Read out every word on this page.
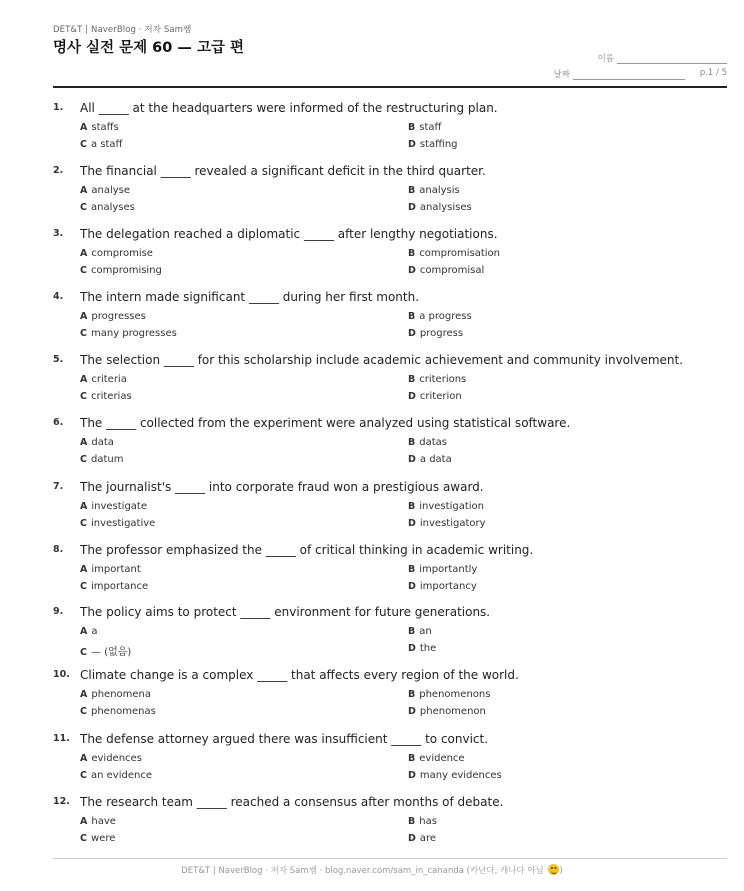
DET&T | NaverBlog · 저자 Sam쌤
명사 실전 문제 60 — 고급 편
이름
날짜	p.1 / 5
1. All _____ at the headquarters were informed of the restructuring plan.
A staffs	B staff
C a staff	D staffing
2. The financial _____ revealed a significant deficit in the third quarter.
A analyse	B analysis
C analyses	D analysises
3. The delegation reached a diplomatic _____ after lengthy negotiations.
A compromise	B compromisation
C compromising	D compromisal
4. The intern made significant _____ during her first month.
A progresses	B a progress
C many progresses	D progress
5. The selection _____ for this scholarship include academic achievement and community involvement.
A criteria	B criterions
C criterias	D criterion
6. The _____ collected from the experiment were analyzed using statistical software.
A data	B datas
C datum	D a data
7. The journalist's _____ into corporate fraud won a prestigious award.
A investigate	B investigation
C investigative	D investigatory
8. The professor emphasized the _____ of critical thinking in academic writing.
A important	B importantly
C importance	D importancy
9. The policy aims to protect _____ environment for future generations.
A a	B an
C — (없음)	D the
10. Climate change is a complex _____ that affects every region of the world.
A phenomena	B phenomenons
C phenomenas	D phenomenon
11. The defense attorney argued there was insufficient _____ to convict.
A evidences	B evidence
C an evidence	D many evidences
12. The research team _____ reached a consensus after months of debate.
A have	B has
C were	D are
DET&T | NaverBlog · 저자 Sam쌤 · blog.naver.com/sam_in_cananda (카난다, 캐나다 아님 )
